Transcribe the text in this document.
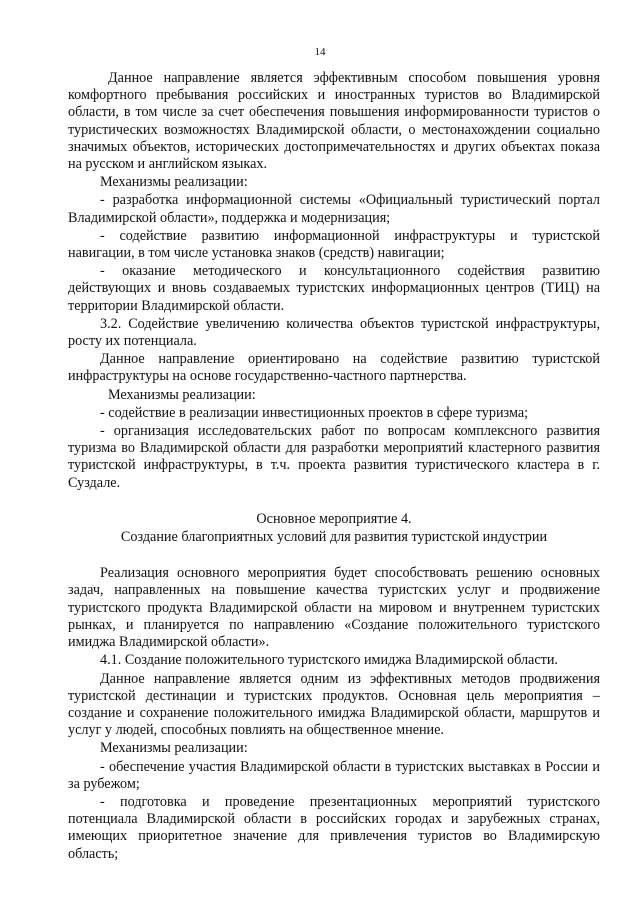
14

Данное направление является эффективным способом повышения уровня комфортного пребывания российских и иностранных туристов во Владимирской области, в том числе за счет обеспечения повышения информированности туристов о туристических возможностях Владимирской области, о местонахождении социально значимых объектов, исторических достопримечательностях и других объектах показа на русском и английском языках.

Механизмы реализации:

- разработка информационной системы «Официальный туристический портал Владимирской области», поддержка и модернизация;

- содействие развитию информационной инфраструктуры и туристской навигации, в том числе установка знаков (средств) навигации;

- оказание методического и консультационного содействия развитию действующих и вновь создаваемых туристских информационных центров (ТИЦ) на территории Владимирской области.

3.2. Содействие увеличению количества объектов туристской инфраструктуры, росту их потенциала.

Данное направление ориентировано на содействие развитию туристской инфраструктуры на основе государственно-частного партнерства.

Механизмы реализации:

- содействие в реализации инвестиционных проектов в сфере туризма;

- организация исследовательских работ по вопросам комплексного развития туризма во Владимирской области для разработки мероприятий кластерного развития туристской инфраструктуры, в т.ч. проекта развития туристического кластера в г. Суздале.

Основное мероприятие 4.

Создание благоприятных условий для развития туристской индустрии

Реализация основного мероприятия будет способствовать решению основных задач, направленных на повышение качества туристских услуг и продвижение туристского продукта Владимирской области на мировом и внутреннем туристских рынках, и планируется по направлению «Создание положительного туристского имиджа Владимирской области».

4.1. Создание положительного туристского имиджа Владимирской области.

Данное направление является одним из эффективных методов продвижения туристской дестинации и туристских продуктов. Основная цель мероприятия – создание и сохранение положительного имиджа Владимирской области, маршрутов и услуг у людей, способных повлиять на общественное мнение.

Механизмы реализации:

- обеспечение участия Владимирской области в туристских выставках в России и за рубежом;

- подготовка и проведение презентационных мероприятий туристского потенциала Владимирской области в российских городах и зарубежных странах, имеющих приоритетное значение для привлечения туристов во Владимирскую область;
